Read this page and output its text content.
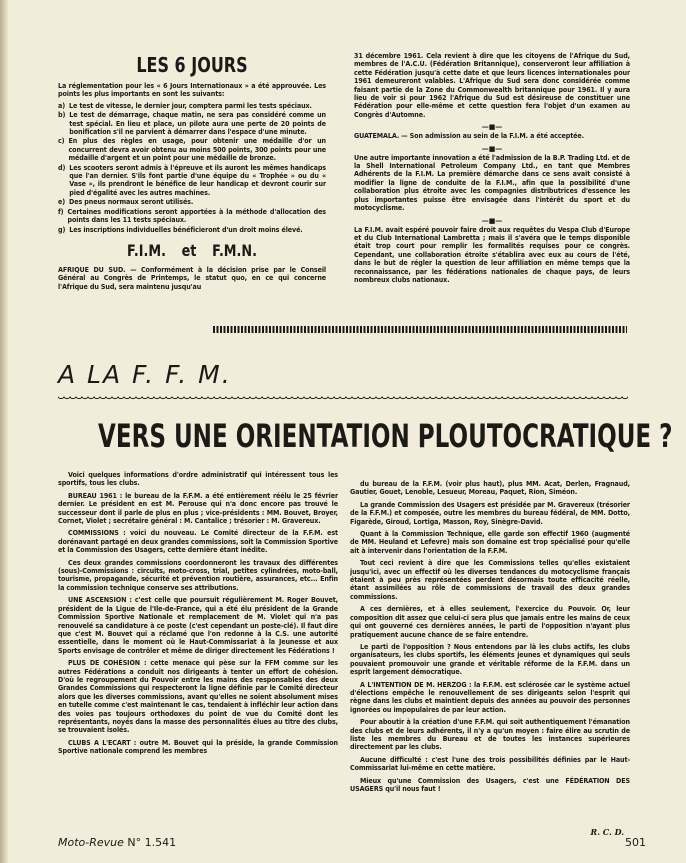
LES 6 JOURS

La réglementation pour les « 6 Jours Internationaux » a été approuvée. Les points les plus importants en sont les suivants:

a) Le test de vitesse, le dernier jour, comptera parmi les tests spéciaux.
b) Le test de démarrage, chaque matin, ne sera pas considéré comme un test spécial. En lieu et place, un pilote aura une perte de 20 points de bonification s'il ne parvient à démarrer dans l'espace d'une minute.
c) En plus des règles en usage, pour obtenir une médaille d'or un concurrent devra avoir obtenu au moins 500 points, 300 points pour une médaille d'argent et un point pour une médaille de bronze.
d) Les scooters seront admis à l'épreuve et ils auront les mêmes handicaps que l'an dernier. S'ils font partie d'une équipe du « Trophée » ou du « Vase », ils prendront le bénéfice de leur handicap et devront courir sur pied d'égalité avec les autres machines.
e) Des pneus normaux seront utilisés.
f) Certaines modifications seront apportées à la méthode d'allocation des points dans les 11 tests spéciaux.
g) Les inscriptions individuelles bénéficieront d'un droit moins élevé.
F.I.M. et F.M.N.

AFRIQUE DU SUD. — Conformément à la décision prise par le Conseil Général au Congrès de Printemps, le statut quo, en ce qui concerne l'Afrique du Sud, sera maintenu jusqu'au

31 décembre 1961. Cela revient à dire que les citoyens de l'Afrique du Sud, membres de l'A.C.U. (Fédération Britannique), conserveront leur affiliation à cette Fédération jusqu'à cette date et que leurs licences internationales pour 1961 demeureront valables. L'Afrique du Sud sera donc considérée comme faisant partie de la Zone du Commonwealth britannique pour 1961. Il y aura lieu de voir si pour 1962 l'Afrique du Sud est désireuse de constituer une Fédération pour elle-même et cette question fera l'objet d'un examen au Congrès d'Automne.

—■—

GUATEMALA. — Son admission au sein de la F.I.M. a été acceptée.

—■—

Une autre importante innovation a été l'admission de la B.P. Trading Ltd. et de la Shell International Petroleum Company Ltd., en tant que Membres Adhérents de la F.I.M. La première démarche dans ce sens avait consisté à modifier la ligne de conduite de la F.I.M., afin que la possibilité d'une collaboration plus étroite avec les compagnies distributrices d'essence les plus importantes puisse être envisagée dans l'intérêt du sport et du motocyclisme.

—■—

La F.I.M. avait espéré pouvoir faire droit aux requêtes du Vespa Club d'Europe et du Club International Lambretta ; mais il s'avéra que le temps disponible était trop court pour remplir les formalités requises pour ce congrès. Cependant, une collaboration étroite s'établira avec eux au cours de l'été, dans le but de régler la question de leur affiliation en même temps que la reconnaissance, par les fédérations nationales de chaque pays, de leurs nombreux clubs nationaux.

A LA F. F. M.
VERS UNE ORIENTATION PLOUTOCRATIQUE ?

Voici quelques informations d'ordre administratif qui intéressent tous les sportifs, tous les clubs.

BUREAU 1961 : le bureau de la F.F.M. a été entièrement réélu le 25 février dernier. Le président en est M. Perouse qui n'a donc encore pas trouvé le successeur dont il parle de plus en plus ; vice-présidents : MM. Bouvet, Broyer, Cornet, Violet ; secrétaire général : M. Cantalice ; trésorier : M. Gravereux.

COMMISSIONS : voici du nouveau. Le Comité directeur de la F.F.M. est dorénavant partagé en deux grandes commissions, soit la Commission Sportive et la Commission des Usagers, cette dernière étant inédite.

Ces deux grandes commissions coordonneront les travaux des différentes (sous)-Commissions : circuits, moto-cross, trial, petites cylindrées, moto-ball, tourisme, propagande, sécurité et prévention routière, assurances, etc... Enfin la commission technique conserve ses attributions.

UNE ASCENSION : c'est celle que poursuit régulièrement M. Roger Bouvet, président de la Ligue de l'Ile-de-France, qui a été élu président de la Grande Commission Sportive Nationale et remplacement de M. Violet qui n'a pas renouvelé sa candidature à ce poste (c'est cependant un poste-clé). Il faut dire que c'est M. Bouvet qui a réclamé que l'on redonne à la C.S. une autorité essentielle, dans le moment où le Haut-Commissariat à la Jeunesse et aux Sports envisage de contrôler et même de diriger directement les Fédérations !

PLUS DE COHÉSION : cette menace qui pèse sur la FFM comme sur les autres Fédérations a conduit nos dirigeants à tenter un effort de cohésion. D'où le regroupement du Pouvoir entre les mains des responsables des deux Grandes Commissions qui respecteront la ligne définie par le Comité directeur alors que les diverses commissions, avant qu'elles ne soient absolument mises en tutelle comme c'est maintenant le cas, tendaient à infléchir leur action dans des voies pas toujours orthodoxes du point de vue du Comité dont les représentants, noyés dans la masse des personnalités élues au titre des clubs, se trouvaient isolés.

CLUBS A L'ECART : outre M. Bouvet qui la préside, la grande Commission Sportive nationale comprend les membres

du bureau de la F.F.M. (voir plus haut), plus MM. Acat, Derlen, Fragnaud, Gautier, Gouet, Lenoble, Lesueur, Moreau, Paquet, Rion, Siméon.

La grande Commission des Usagers est présidée par M. Gravereux (trésorier de la F.F.M.) et composée, outre les membres du bureau fédéral, de MM. Dotto, Figarède, Giroud, Lortiga, Masson, Roy, Sinègre-David.

Quant à la Commission Technique, elle garde son effectif 1960 (augmenté de MM. Heuland et Lefevre) mais son domaine est trop spécialisé pour qu'elle ait à intervenir dans l'orientation de la F.F.M.

Tout ceci revient à dire que les Commissions telles qu'elles existaient jusqu'ici, avec un effectif où les diverses tendances du motocyclisme français étaient à peu près représentées perdent désormais toute efficacité réelle, étant assimilées au rôle de commissions de travail des deux grandes commissions.

A ces dernières, et à elles seulement, l'exercice du Pouvoir. Or, leur composition dit assez que celui-ci sera plus que jamais entre les mains de ceux qui ont gouverné ces dernières années, le parti de l'opposition n'ayant plus pratiquement aucune chance de se faire entendre.

Le parti de l'opposition ? Nous entendons par là les clubs actifs, les clubs organisateurs, les clubs sportifs, les éléments jeunes et dynamiques qui seuls pouvaient promouvoir une grande et véritable réforme de la F.F.M. dans un esprit largement démocratique.

A L'INTENTION DE M. HERZOG : la F.F.M. est sclérosée car le système actuel d'élections empêche le renouvellement de ses dirigeants selon l'esprit qui règne dans les clubs et maintient depuis des années au pouvoir des personnes ignorées ou impopulaires de par leur action.

Pour aboutir à la création d'une F.F.M. qui soit authentiquement l'émanation des clubs et de leurs adhérents, il n'y a qu'un moyen : faire élire au scrutin de liste les membres du Bureau et de toutes les instances supérieures directement par les clubs.

Aucune difficulté : c'est l'une des trois possibilités définies par le Haut-Commissariat lui-même en cette matière.

Mieux qu'une Commission des Usagers, c'est une FÉDÉRATION DES USAGERS qu'il nous faut !

R. C. D.
Moto-Revue N° 1.541	501
